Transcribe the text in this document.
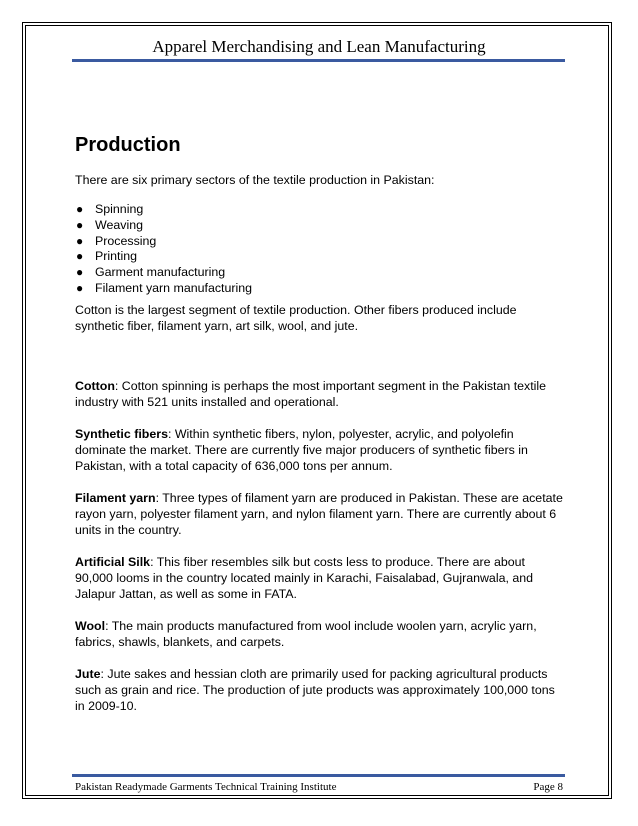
Apparel Merchandising and Lean Manufacturing
Production

There are six primary sectors of the textile production in Pakistan:

● Spinning
● Weaving
● Processing
● Printing
● Garment manufacturing
● Filament yarn manufacturing

Cotton is the largest segment of textile production. Other fibers produced include synthetic fiber, filament yarn, art silk, wool, and jute.

Cotton: Cotton spinning is perhaps the most important segment in the Pakistan textile industry with 521 units installed and operational.

Synthetic fibers: Within synthetic fibers, nylon, polyester, acrylic, and polyolefin dominate the market. There are currently five major producers of synthetic fibers in Pakistan, with a total capacity of 636,000 tons per annum.

Filament yarn: Three types of filament yarn are produced in Pakistan. These are acetate rayon yarn, polyester filament yarn, and nylon filament yarn. There are currently about 6 units in the country.

Artificial Silk: This fiber resembles silk but costs less to produce. There are about 90,000 looms in the country located mainly in Karachi, Faisalabad, Gujranwala, and Jalapur Jattan, as well as some in FATA.

Wool: The main products manufactured from wool include woolen yarn, acrylic yarn, fabrics, shawls, blankets, and carpets.

Jute: Jute sakes and hessian cloth are primarily used for packing agricultural products such as grain and rice. The production of jute products was approximately 100,000 tons in 2009-10.

Pakistan Readymade Garments Technical Training Institute	Page 8
